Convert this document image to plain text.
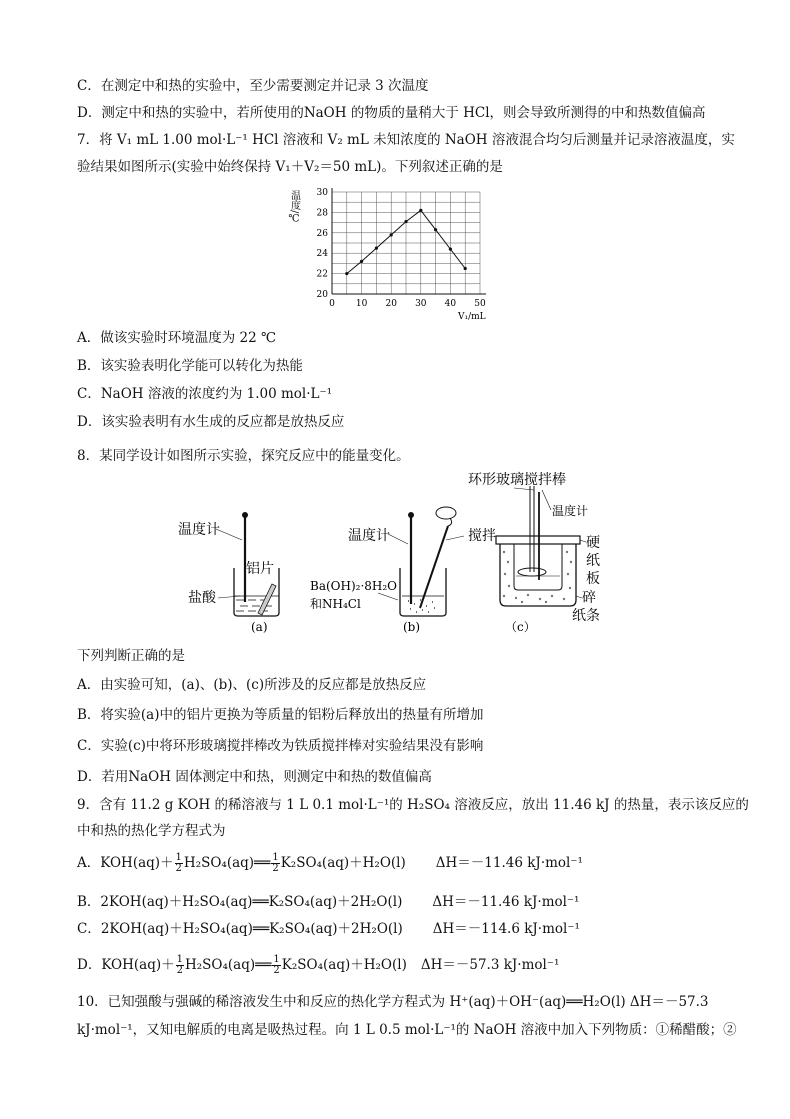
C．在测定中和热的实验中，至少需要测定并记录 3 次温度
D．测定中和热的实验中，若所使用的NaOH 的物质的量稍大于 HCl，则会导致所测得的中和热数值偏高
7．将 V₁ mL 1.00 mol·L⁻¹ HCl 溶液和 V₂ mL 未知浓度的 NaOH 溶液混合均匀后测量并记录溶液温度，实
验结果如图所示(实验中始终保持 V₁＋V₂＝50 mL)。下列叙述正确的是
0 10 20 30 40 50
20
22
24
26
28
30
温度/℃
V₁/mL
A．做该实验时环境温度为 22 ℃
B．该实验表明化学能可以转化为热能
C．NaOH 溶液的浓度约为 1.00 mol·L⁻¹
D．该实验表明有水生成的反应都是放热反应
8．某同学设计如图所示实验，探究反应中的能量变化。
温度计
铝片
盐酸
(a)
温度计	搅拌
Ba(OH)₂·8H₂O
和NH₄Cl
(b)
环形玻璃搅拌棒
温度计
硬
纸
板
碎
纸条
（c）
下列判断正确的是
A．由实验可知，(a)、(b)、(c)所涉及的反应都是放热反应
B．将实验(a)中的铝片更换为等质量的铝粉后释放出的热量有所增加
C．实验(c)中将环形玻璃搅拌棒改为铁质搅拌棒对实验结果没有影响
D．若用NaOH 固体测定中和热，则测定中和热的数值偏高
9．含有 11.2 g KOH 的稀溶液与 1 L 0.1 mol·L⁻¹的 H₂SO₄ 溶液反应，放出 11.46 kJ 的热量，表示该反应的
中和热的热化学方程式为
A．$KOH(aq)+ \frac{1}{2}$ H₂SO₄(aq)══ $\frac{1}{2} K_2SO_4(aq)+H_2O(l)$ ΔH＝－11.46 kJ·mol⁻¹
B．2KOH(aq)＋H₂SO₄(aq)══K₂SO₄(aq)＋2H₂O(l) ΔH＝－11.46 kJ·mol⁻¹
C．2KOH(aq)＋H₂SO₄(aq)══K₂SO₄(aq)＋2H₂O(l) ΔH＝－114.6 kJ·mol⁻¹
D．$KOH(aq)+ \frac{1}{2}$ H₂SO₄(aq)══ $\frac{1}{2} K_2SO_4(aq)+H_2O(l)$ ΔH＝－57.3 kJ·mol⁻¹
10．已知强酸与强碱的稀溶液发生中和反应的热化学方程式为 H⁺(aq)＋OH⁻(aq)══H₂O(l) ΔH＝－57.3
kJ·mol⁻¹，又知电解质的电离是吸热过程。向 1 L 0.5 mol·L⁻¹的 NaOH 溶液中加入下列物质：①稀醋酸；②
